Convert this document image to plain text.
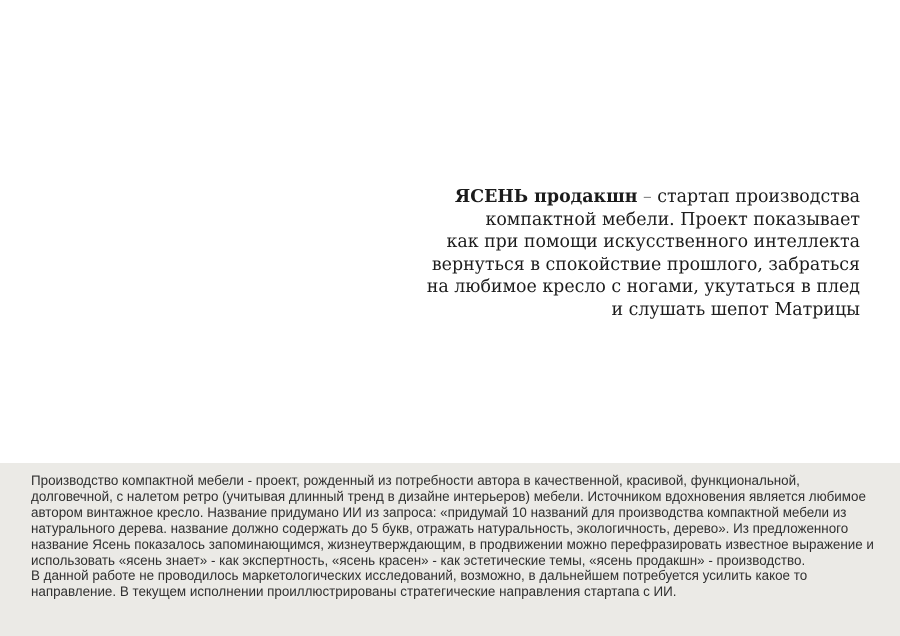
ЯСЕНЬ продакшн – стартап производства
компактной мебели. Проект показывает
как при помощи искусственного интеллекта
вернуться в спокойствие прошлого, забраться
на любимое кресло с ногами, укутаться в плед
и слушать шепот Матрицы

Производство компактной мебели - проект, рожденный из потребности автора в качественной, красивой, функциональной, долговечной, с налетом ретро (учитывая длинный тренд в дизайне интерьеров) мебели. Источником вдохновения является любимое автором винтажное кресло. Название придумано ИИ из запроса: «придумай 10 названий для производства компактной мебели из натурального дерева. название должно содержать до 5 букв, отражать натуральность, экологичность, дерево». Из предложенного название Ясень показалось запоминающимся, жизнеутверждающим, в продвижении можно перефразировать известное выражение и использовать «ясень знает» - как экспертность, «ясень красен» - как эстетические темы, «ясень продакшн» - производство.

В данной работе не проводилось маркетологических исследований, возможно, в дальнейшем потребуется усилить какое то направление. В текущем исполнении проиллюстрированы стратегические направления стартапа с ИИ.
